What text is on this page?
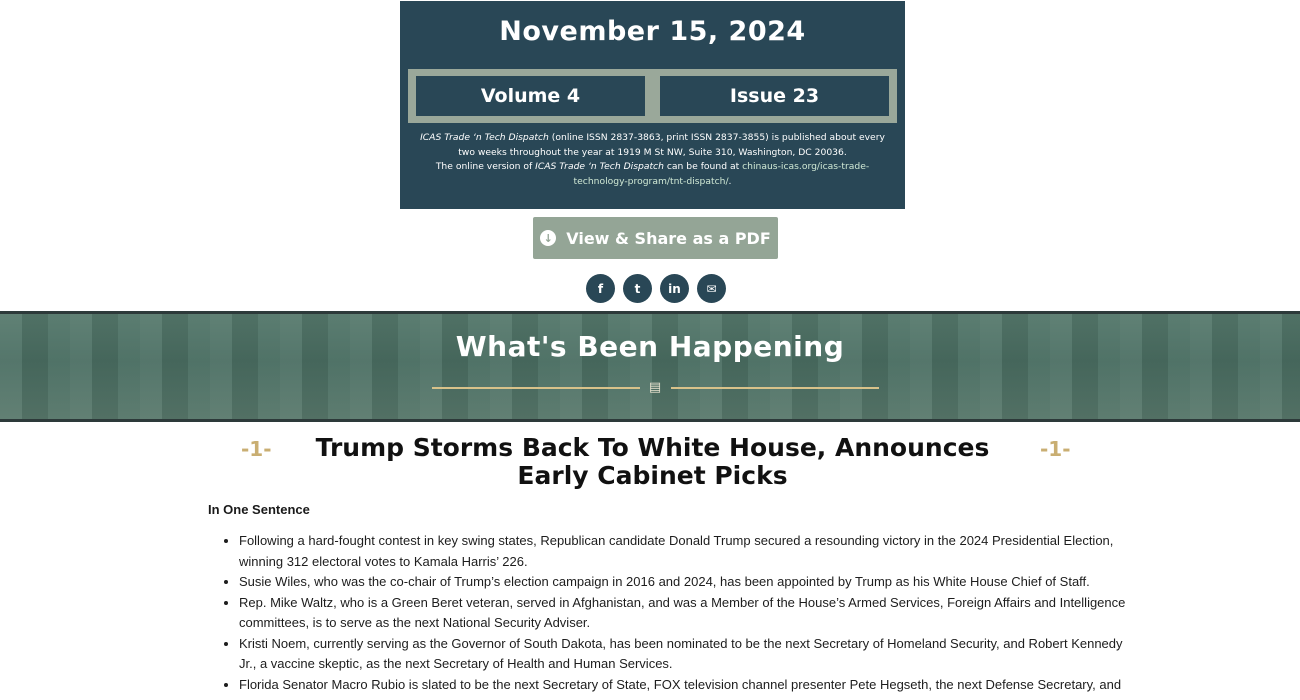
November 15, 2024
Volume 4	Issue 23
ICAS Trade ‘n Tech Dispatch (online ISSN 2837-3863, print ISSN 2837-3855) is published about every two weeks throughout the year at 1919 M St NW, Suite 310, Washington, DC 20036.
The online version of ICAS Trade ‘n Tech Dispatch can be found at chinaus-icas.org/icas-trade-technology-program/tnt-dispatch/.
↓ View & Share as a PDF
f	t	in	✉
What's Been Happening
▤
-1-	Trump Storms Back To White House, Announces Early Cabinet Picks
-1-
In One Sentence
• Following a hard-fought contest in key swing states, Republican candidate Donald Trump secured a resounding victory in the 2024 Presidential Election, winning 312 electoral votes to Kamala Harris’ 226.
• Susie Wiles, who was the co-chair of Trump’s election campaign in 2016 and 2024, has been appointed by Trump as his White House Chief of Staff.
• Rep. Mike Waltz, who is a Green Beret veteran, served in Afghanistan, and was a Member of the House’s Armed Services, Foreign Affairs and Intelligence committees, is to serve as the next National Security Adviser.
• Kristi Noem, currently serving as the Governor of South Dakota, has been nominated to be the next Secretary of Homeland Security, and Robert Kennedy Jr., a vaccine skeptic, as the next Secretary of Health and Human Services.
• Florida Senator Macro Rubio is slated to be the next Secretary of State, FOX television channel presenter Pete Hegseth, the next Defense Secretary, and
